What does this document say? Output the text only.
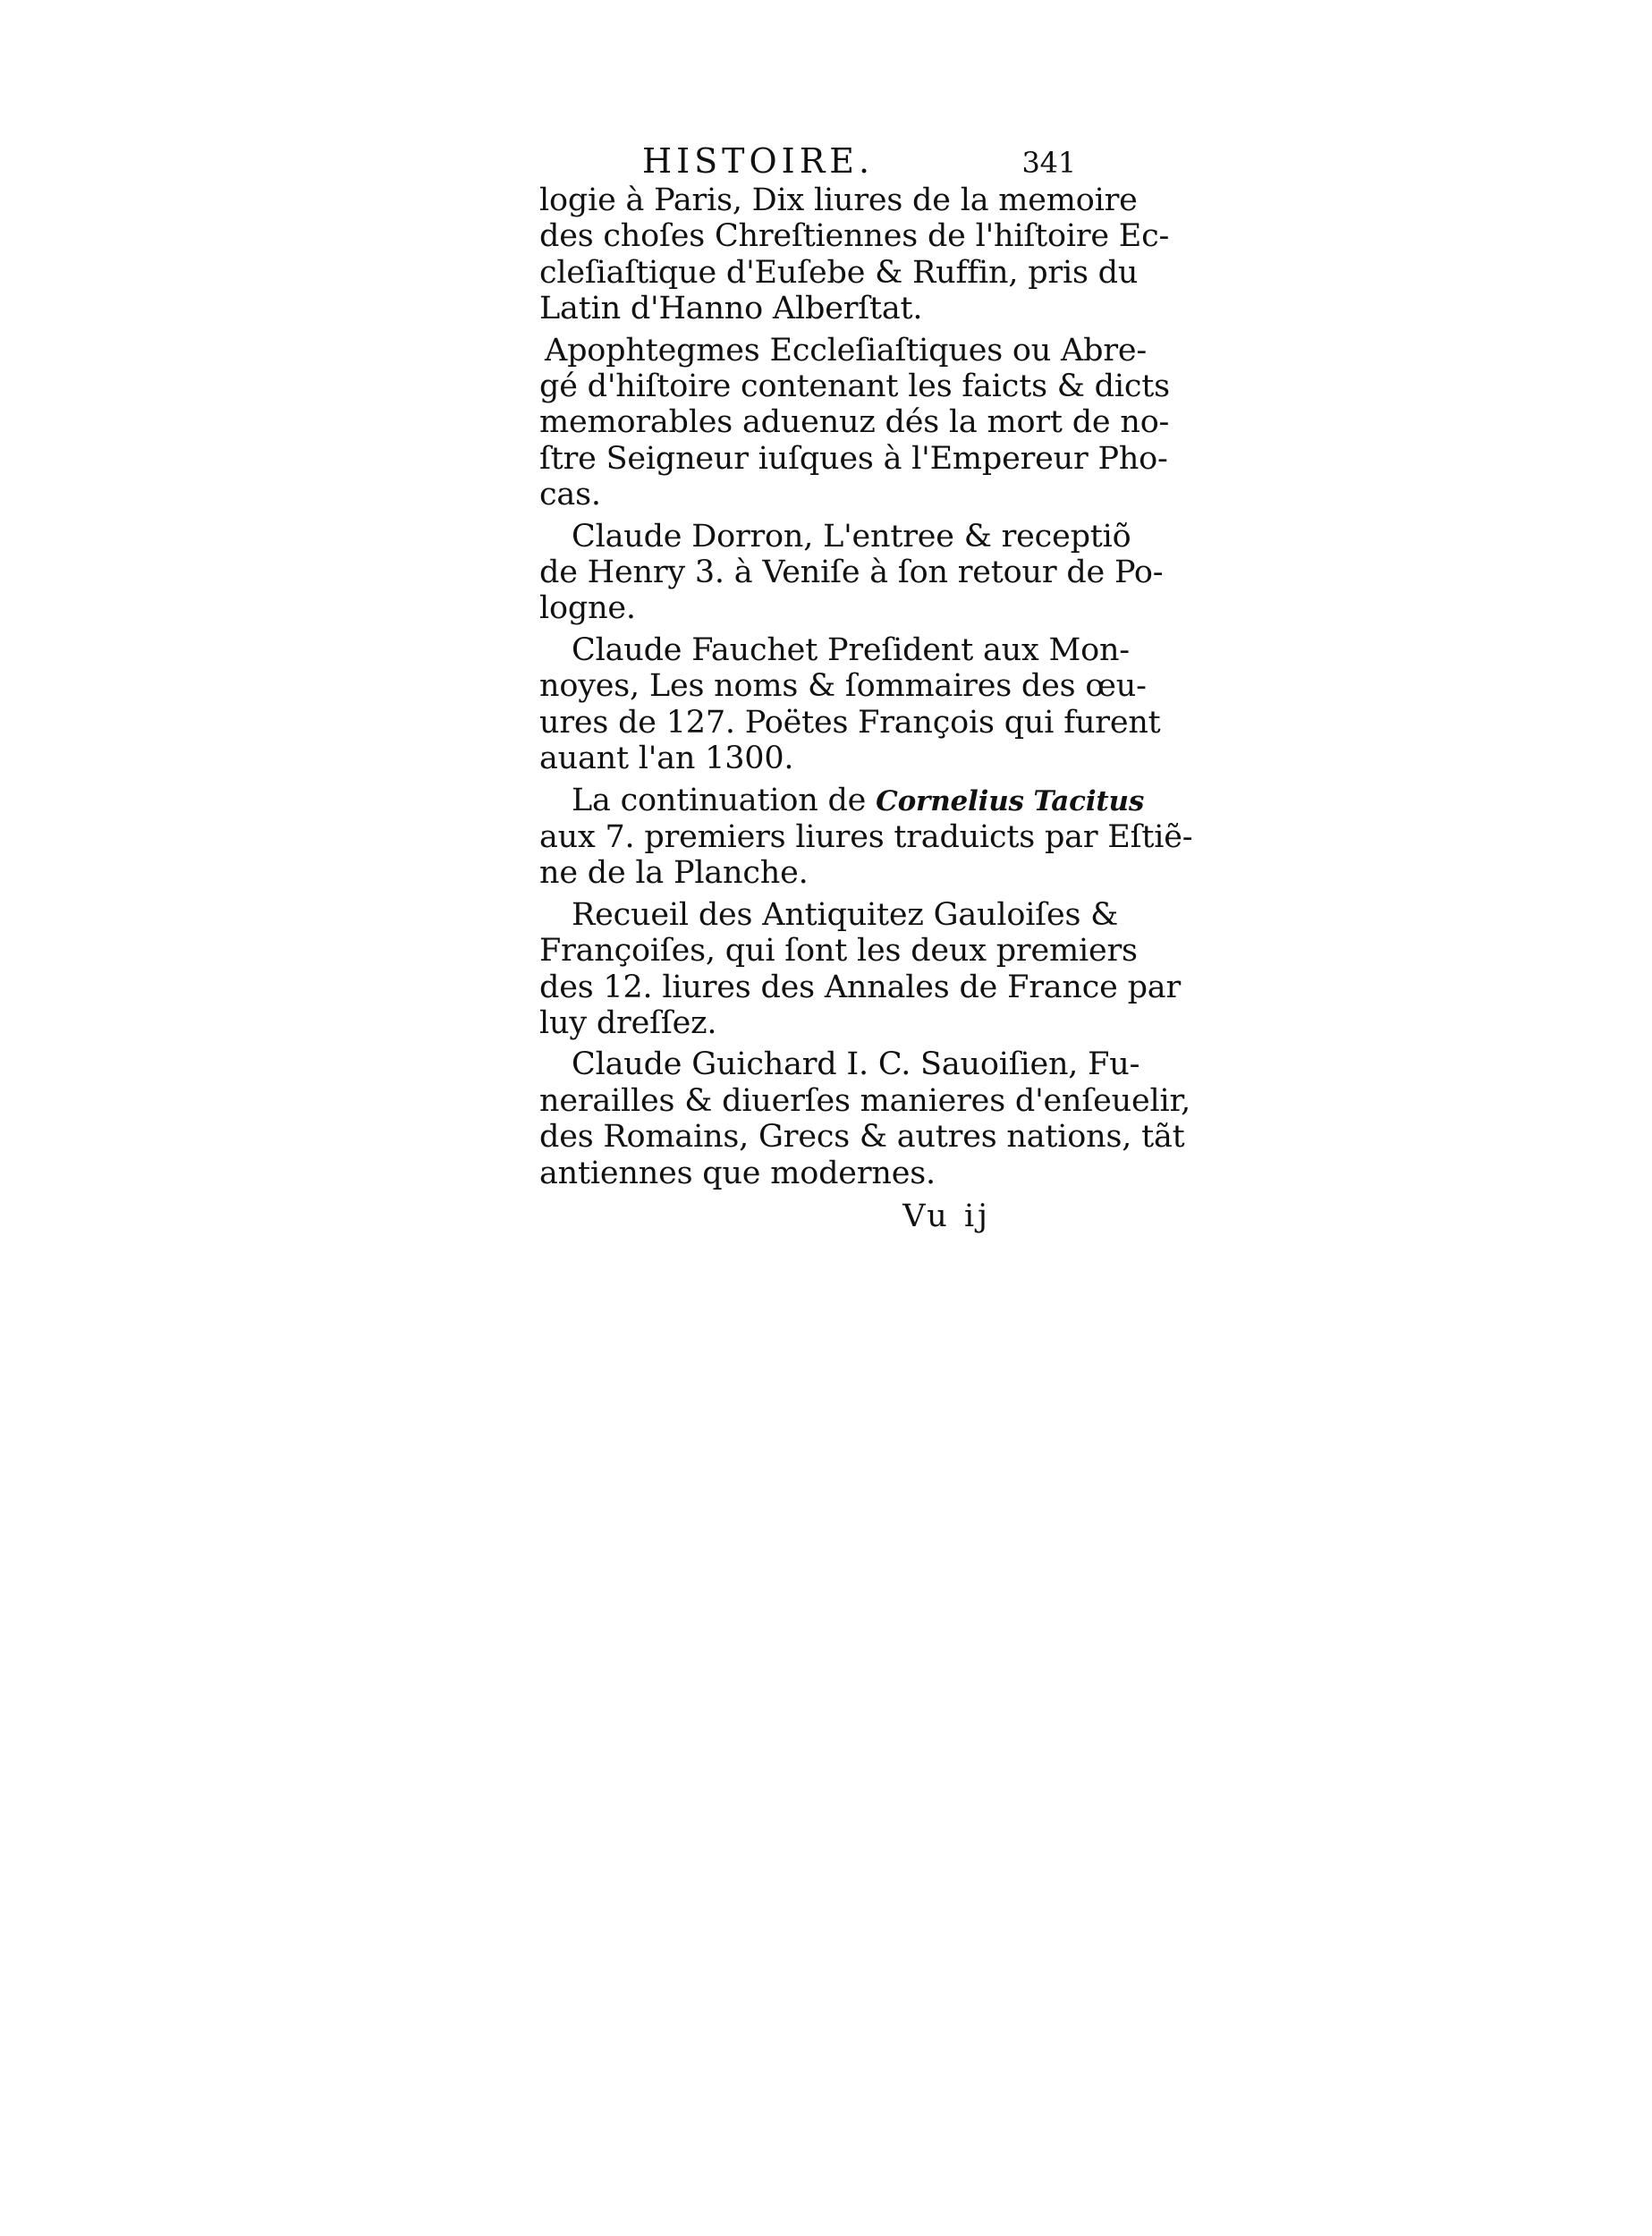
HISTOIRE.	341
logie à Paris, Dix liures de la memoire
des choſes Chreſtiennes de l'hiſtoire Ec-
cleſiaſtique d'Euſebe & Ruffin, pris du
Latin d'Hanno Alberſtat.
Apophtegmes Eccleſiaſtiques ou Abre-
gé d'hiſtoire contenant les faicts & dicts
memorables aduenuz dés la mort de no-
ſtre Seigneur iuſques à l'Empereur Pho-
cas.
Claude Dorron, L'entree & receptiõ
de Henry 3. à Veniſe à ſon retour de Po-
logne.
Claude Fauchet Preſident aux Mon-
noyes, Les noms & ſommaires des œu-
ures de 127. Poëtes François qui furent
auant l'an 1300.
La continuation de Cornelius Tacitus
aux 7. premiers liures traduicts par Eſtiẽ-
ne de la Planche.
Recueil des Antiquitez Gauloiſes &
Françoiſes, qui ſont les deux premiers
des 12. liures des Annales de France par
luy dreſſez.
Claude Guichard I. C. Sauoiſien, Fu-
nerailles & diuerſes manieres d'enſeuelir,
des Romains, Grecs & autres nations, tãt
antiennes que modernes.
Vu ij
